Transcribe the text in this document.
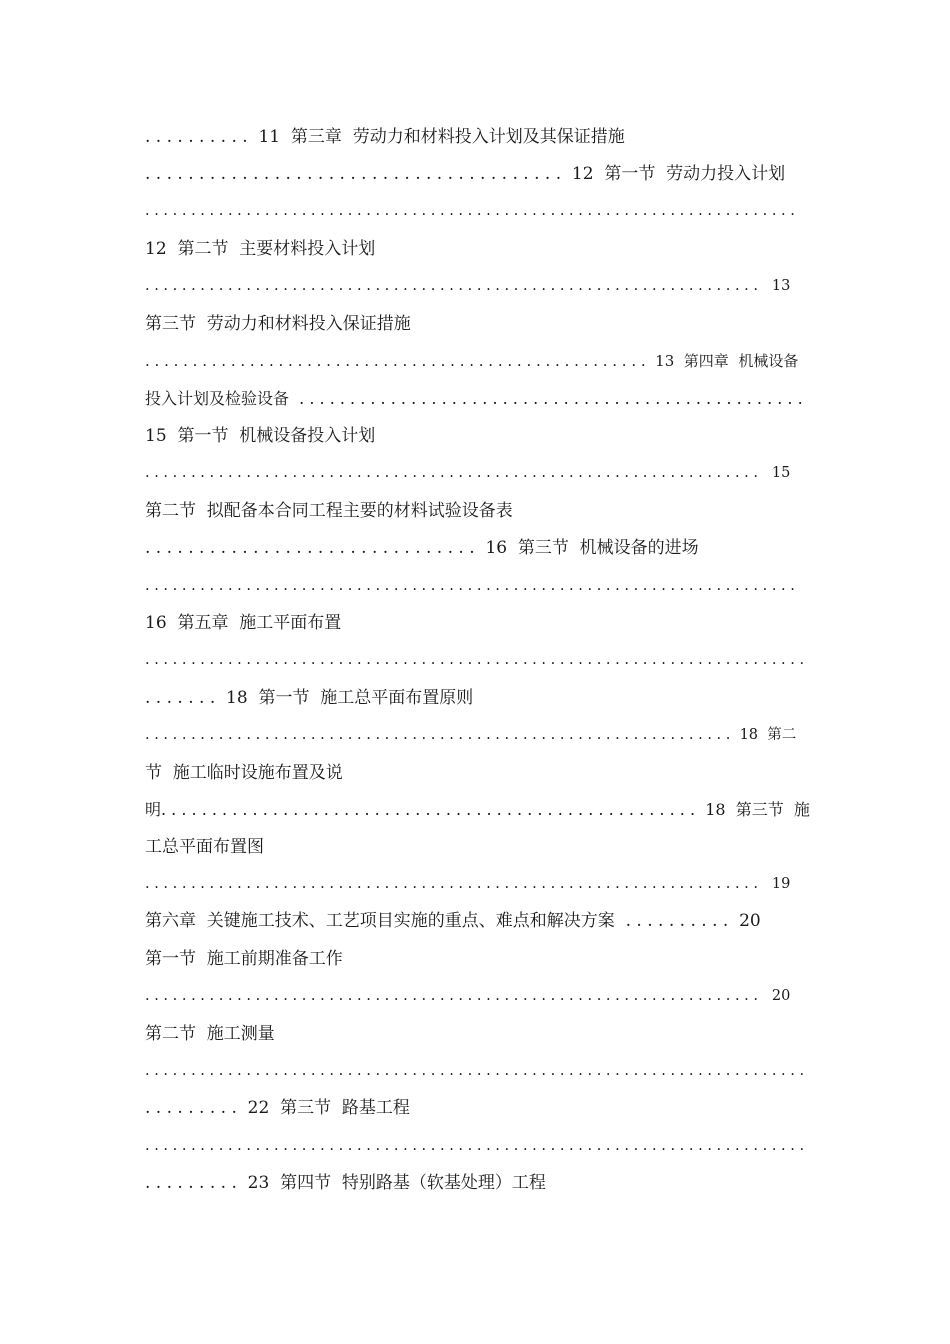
. . . . . . . . . .  11  第三章  劳动力和材料投入计划及其保证措施
. . . . . . . . . . . . . . . . . . . . . . . . . . . . . . . . . . . . . . .  12  第一节  劳动力投入计划
. . . . . . . . . . . . . . . . . . . . . . . . . . . . . . . . . . . . . . . . . . . . . . . . . . . . . . . . . . . . . . . . . . . . . . .
12  第二节  主要材料投入计划
. . . . . . . . . . . . . . . . . . . . . . . . . . . . . . . . . . . . . . . . . . . . . . . . . . . . . . . . . . . . . . . . . . .   13
第三节  劳动力和材料投入保证措施
. . . . . . . . . . . . . . . . . . . . . . . . . . . . . . . . . . . . . . . . . . . . . . . . . . . . .  13  第四章  机械设备
投入计划及检验设备  . . . . . . . . . . . . . . . . . . . . . . . . . . . . . . . . . . . . . . . . . . . . . . . . . .
15  第一节  机械设备投入计划
. . . . . . . . . . . . . . . . . . . . . . . . . . . . . . . . . . . . . . . . . . . . . . . . . . . . . . . . . . . . . . . . . . .   15
第二节  拟配备本合同工程主要的材料试验设备表
. . . . . . . . . . . . . . . . . . . . . . . . . . . . . . .  16  第三节  机械设备的进场
. . . . . . . . . . . . . . . . . . . . . . . . . . . . . . . . . . . . . . . . . . . . . . . . . . . . . . . . . . . . . . . . . . . . . . .
16  第五章  施工平面布置
. . . . . . . . . . . . . . . . . . . . . . . . . . . . . . . . . . . . . . . . . . . . . . . . . . . . . . . . . . . . . . . . . . . . . . . .
. . . . . . .  18  第一节  施工总平面布置原则
. . . . . . . . . . . . . . . . . . . . . . . . . . . . . . . . . . . . . . . . . . . . . . . . . . . . . . . . . . . . . . . .  18  第二
节  施工临时设施布置及说
明. . . . . . . . . . . . . . . . . . . . . . . . . . . . . . . . . . . . . . . . . . . . . . . . . . . . .  18  第三节  施
工总平面布置图
. . . . . . . . . . . . . . . . . . . . . . . . . . . . . . . . . . . . . . . . . . . . . . . . . . . . . . . . . . . . . . . . . . .   19
第六章  关键施工技术、工艺项目实施的重点、难点和解决方案  . . . . . . . . . .  20
第一节  施工前期准备工作
. . . . . . . . . . . . . . . . . . . . . . . . . . . . . . . . . . . . . . . . . . . . . . . . . . . . . . . . . . . . . . . . . . .   20
第二节  施工测量
. . . . . . . . . . . . . . . . . . . . . . . . . . . . . . . . . . . . . . . . . . . . . . . . . . . . . . . . . . . . . . . . . . . . . . . .
. . . . . . . . .  22  第三节  路基工程
. . . . . . . . . . . . . . . . . . . . . . . . . . . . . . . . . . . . . . . . . . . . . . . . . . . . . . . . . . . . . . . . . . . . . . . .
. . . . . . . . .  23  第四节  特别路基（软基处理）工程
